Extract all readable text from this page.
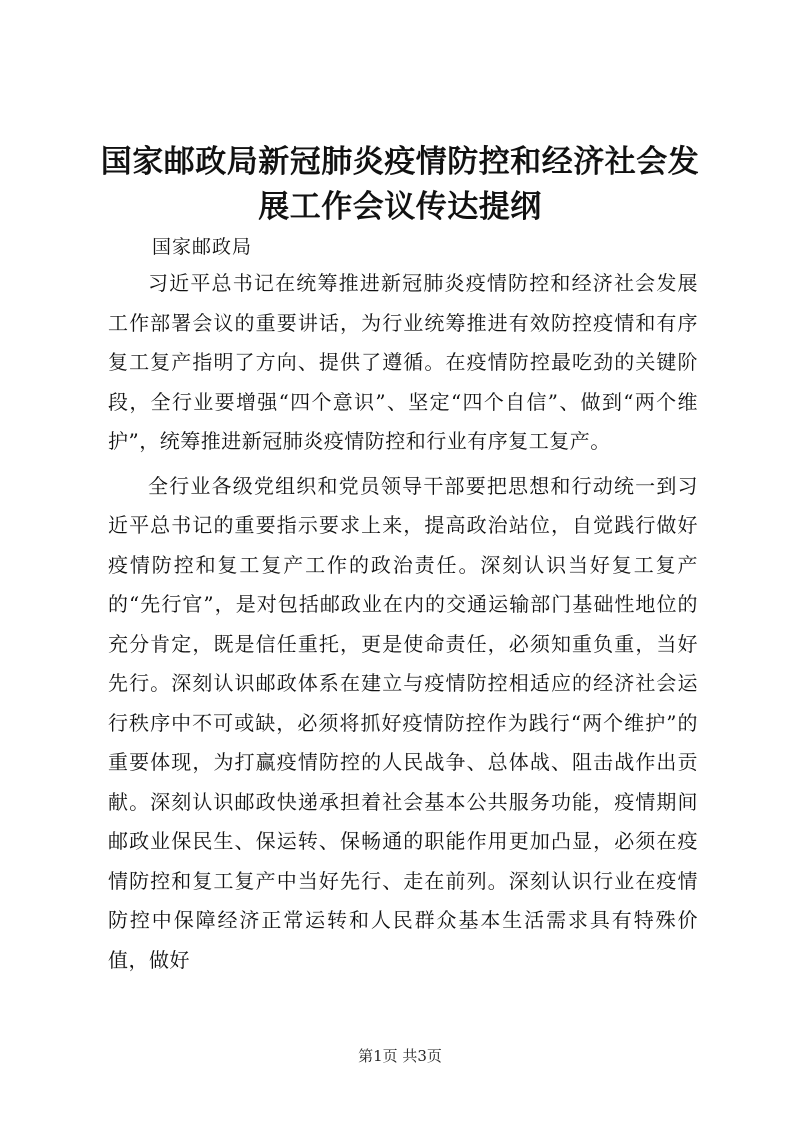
国家邮政局新冠肺炎疫情防控和经济社会发展工作会议传达提纲
国家邮政局

习近平总书记在统筹推进新冠肺炎疫情防控和经济社会发展工作部署会议的重要讲话，为行业统筹推进有效防控疫情和有序复工复产指明了方向、提供了遵循。在疫情防控最吃劲的关键阶段，全行业要增强“四个意识”、坚定“四个自信”、做到“两个维护”，统筹推进新冠肺炎疫情防控和行业有序复工复产。

全行业各级党组织和党员领导干部要把思想和行动统一到习近平总书记的重要指示要求上来，提高政治站位，自觉践行做好疫情防控和复工复产工作的政治责任。深刻认识当好复工复产的“先行官”，是对包括邮政业在内的交通运输部门基础性地位的充分肯定，既是信任重托，更是使命责任，必须知重负重，当好先行。深刻认识邮政体系在建立与疫情防控相适应的经济社会运行秩序中不可或缺，必须将抓好疫情防控作为践行“两个维护”的重要体现，为打赢疫情防控的人民战争、总体战、阻击战作出贡献。深刻认识邮政快递承担着社会基本公共服务功能，疫情期间邮政业保民生、保运转、保畅通的职能作用更加凸显，必须在疫情防控和复工复产中当好先行、走在前列。深刻认识行业在疫情防控中保障经济正常运转和人民群众基本生活需求具有特殊价值，做好

第1页 共3页
